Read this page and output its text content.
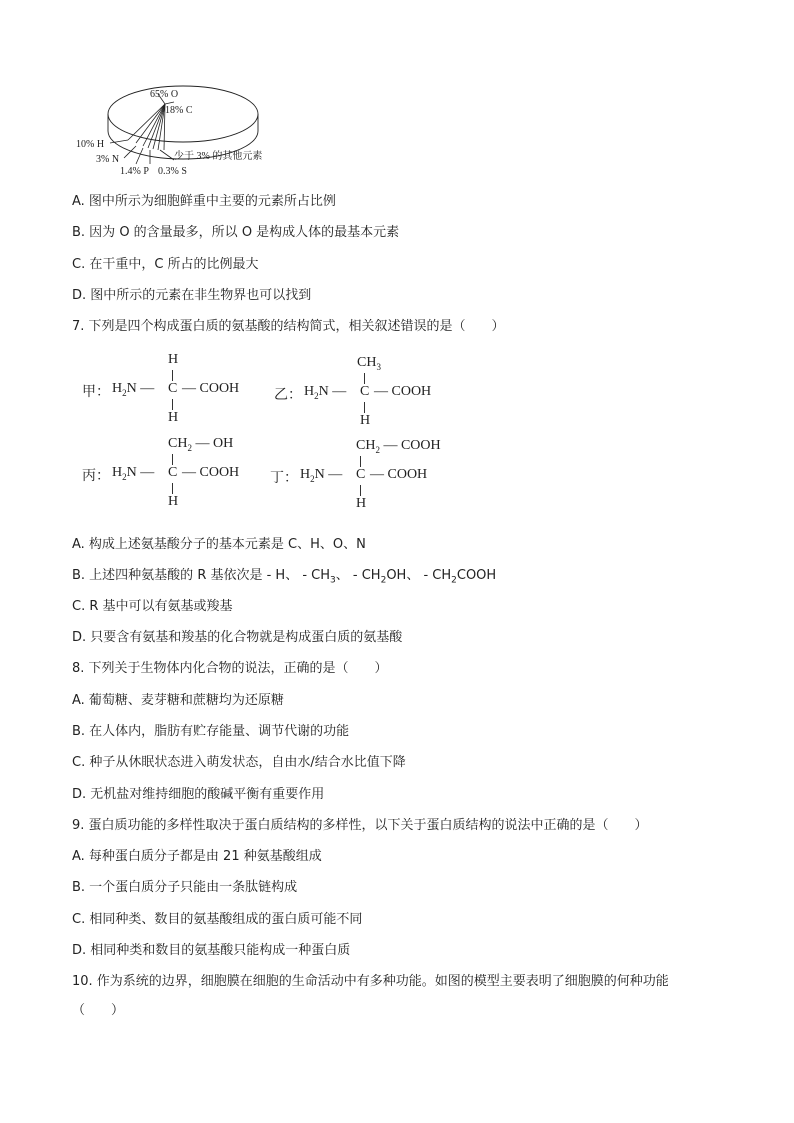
65% O
18% C
10% H
3% N
1.4% P 0.3% S
少于 3% 的其他元素
A. 图中所示为细胞鲜重中主要的元素所占比例
B. 因为 O 的含量最多，所以 O 是构成人体的最基本元素
C. 在干重中，C 所占的比例最大
D. 图中所示的元素在非生物界也可以找到
7. 下列是四个构成蛋白质的氨基酸的结构简式，相关叙述错误的是（　　）
H
甲： $H_2N$ — C — COOH
H
$CH_3$
乙： $H_2N$ — C — COOH
H
$CH_2$ — OH
丙： $H_2N$ — C — COOH
H
$CH_2$ — COOH
丁： $H_2N$ — C — COOH
H
A. 构成上述氨基酸分子的基本元素是 C、H、O、N
B. 上述四种氨基酸的 R 基依次是 - H、 - $CH_3$、 - $CH_2OH$、 - $CH_2COOH$
C. R 基中可以有氨基或羧基
D. 只要含有氨基和羧基的化合物就是构成蛋白质的氨基酸
8. 下列关于生物体内化合物的说法，正确的是（　　）
A. 葡萄糖、麦芽糖和蔗糖均为还原糖
B. 在人体内，脂肪有贮存能量、调节代谢的功能
C. 种子从休眠状态进入萌发状态，自由水/结合水比值下降
D. 无机盐对维持细胞的酸碱平衡有重要作用
9. 蛋白质功能的多样性取决于蛋白质结构的多样性，以下关于蛋白质结构的说法中正确的是（　　）
A. 每种蛋白质分子都是由 21 种氨基酸组成
B. 一个蛋白质分子只能由一条肽链构成
C. 相同种类、数目的氨基酸组成的蛋白质可能不同
D. 相同种类和数目的氨基酸只能构成一种蛋白质
10. 作为系统的边界，细胞膜在细胞的生命活动中有多种功能。如图的模型主要表明了细胞膜的何种功能
（　　）
